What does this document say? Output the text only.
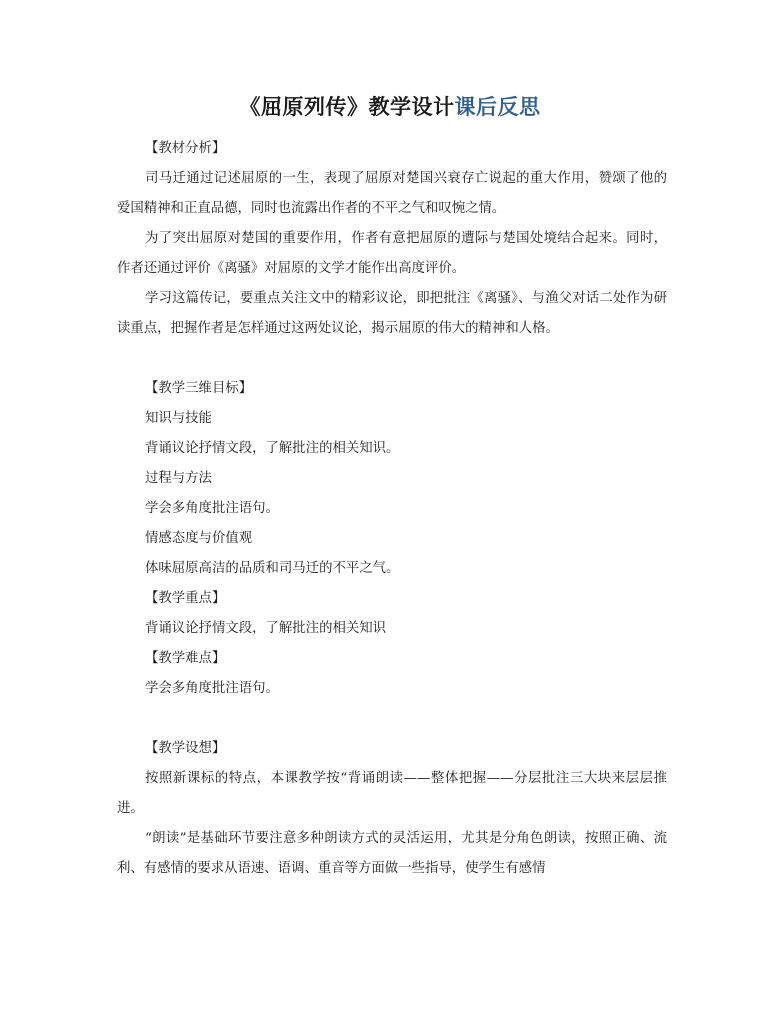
《屈原列传》教学设计课后反思

【教材分析】

司马迁通过记述屈原的一生，表现了屈原对楚国兴衰存亡说起的重大作用，赞颂了他的爱国精神和正直品德，同时也流露出作者的不平之气和叹惋之情。

为了突出屈原对楚国的重要作用，作者有意把屈原的遭际与楚国处境结合起来。同时，作者还通过评价《离骚》对屈原的文学才能作出高度评价。

学习这篇传记，要重点关注文中的精彩议论，即把批注《离骚》、与渔父对话二处作为研读重点，把握作者是怎样通过这两处议论，揭示屈原的伟大的精神和人格。

【教学三维目标】

知识与技能

背诵议论抒情文段，了解批注的相关知识。

过程与方法

学会多角度批注语句。

情感态度与价值观

体味屈原高洁的品质和司马迁的不平之气。

【教学重点】

背诵议论抒情文段，了解批注的相关知识

【教学难点】

学会多角度批注语句。

【教学设想】

按照新课标的特点，本课教学按“背诵朗读——整体把握——分层批注三大块来层层推进。

“朗读”是基础环节要注意多种朗读方式的灵活运用，尤其是分角色朗读，按照正确、流利、有感情的要求从语速、语调、重音等方面做一些指导，使学生有感情
